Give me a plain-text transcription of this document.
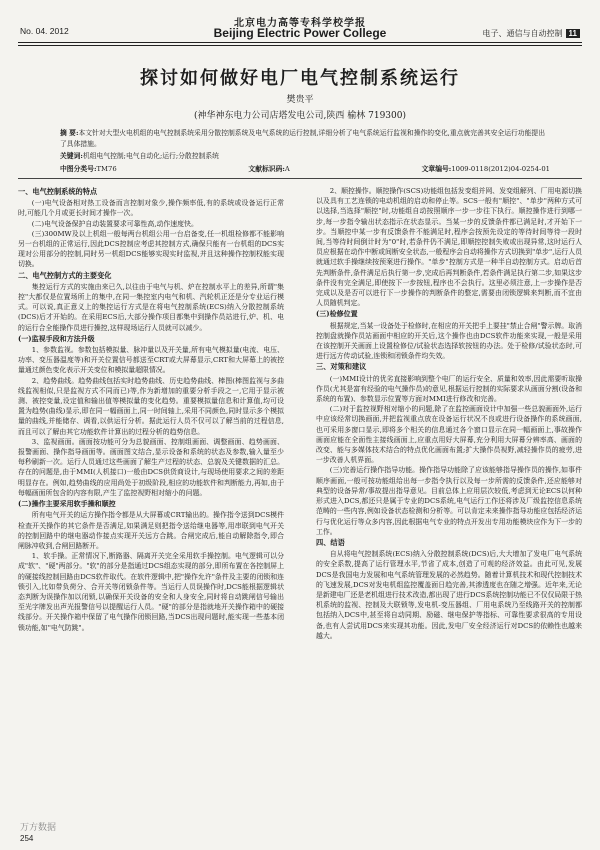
No. 04. 2012
北京电力高等专科学校学报
Beijing Electric Power College	电子、通信与自动控制 11
探讨如何做好电厂电气控制系统运行
樊贵平
(神华神东电力公司店塔发电公司,陕西 榆林 719300)
摘 要:本文针对大型火电机组的电气控制系统采用分散控制系统及电气系统的运行控制,详细分析了电气系统运行监视和操作的变化,重点就完善其安全运行功能提出了具体措施。
关键词:机组电气控制;电气自动化;运行;分散控制系统
中图分类号:TM76	文献标识码:A	文章编号:1009-0118(2012)04-0254-01
一、电气控制系统的特点

(一)电气设备相对热工设备而言控制对象少,操作频率低,有的系统或设备运行正常时,可能几个月或更长时间才操作一次。

(二)电气设备保护自动装置要求可靠性高,动作速度快。

(三)300MW及以上机组一般每两台机组公用一台启备变,任一机组检修都不能影响另一台机组的正常运行,因此DCS控制应考虑其控制方式,确保只能有一台机组的DCS实现对公用部分的控制,同时另一机组DCS能够实现实时监视,并且这种操作控制权能实现切换。

二、电气控制方式的主要变化

集控运行方式的实施由来已久,以往由于电气与机、炉在控制水平上的差异,所谓"集控"大都仅是位置场所上的集中,在同一集控室内电气和机、汽轮机正还是分专业运行模式。可以说,真正意义上的集控运行方式是在将电气控制系统(ECS)纳入分散控制系统(DCS)后才开始的。在采用ECS后,大部分操作项目都集中到操作员站进行,炉、机、电的运行合全能操作员进行操控,这样现场运行人员就可以减少。

(一)监视手段和方法升级

1、参数监视。参数包括模拟量、脉冲量以及开关量,所有电气模拟量(电流、电压、功率、变压器温度等)和开关位置信号都送至CRT或大屏幕显示,CRT和大屏幕上的被控量通过颜色变化表示开关变位和模拟量超限情况。

2、趋势曲线。趋势曲线包括实时趋势曲线、历史趋势曲线、棒图(棒图监视与多曲线监视相似,只是监视方式不同而已)等,作为新增加的重要分析手段之一,它用于显示被测、被控变量,设定值和输出值等模拟量的变化趋势。重要模拟量信息和计算值,均可设置为趋势(曲线)显示,即在同一幅画面上,同一时间轴上,采用不同颜色,同时显示多个模拟量的曲线,并能储存、调看,以供运行分析。据此运行人员不仅可以了解当前的过程信息,而且可以了解由其它功能软件计算出的过程分析的趋势信息。

3、监视画面。画面按功能可分为总貌画面、控制组画面、调整画面、趋势画面、报警画面、操作指导画面等。画面图文结合,显示设备和系统的状态及参数,输入量至少每秒刷新一次。运行人员通过这些画面了解生产过程的状态、总貌及关键数据的汇总。存在的问题是,由于MMI(人机接口)一般由DCS供货商设计,与现场使用要求之间的差距明显存在。例如,趋势曲线的应用尚处于初级阶段,相应的功能软件和判断能力,再如,由于每幅画面所包含的内容有限,产生了监控视野相对缩小的问题。

(二)操作主要采用软手操和顺控

所有电气开关的运方操作指令都是从大屏幕或CRT输出的。操作指令送到DCS模件检查开关操作的其它条件是否满足,如果满足则把指令送给继电器等,用串联到电气开关的控制回路中的继电器动作接点实现开关远方合跳。合闸完成后,能自动解除指令,即合闸脉冲收到,合闸回路断开。

1、软手操。正常情况下,断路器、隔离开关完全采用软手操控制。电气逻辑可以分成"软"、"硬"两部分。"软"的部分是指通过DCS组态实现的部分,即所布置在各控制屏上的硬接线控制回路由DCS软件取代。在软件逻辑中,把"操作允许"条件及主要的闭锁和连锁引入,比如带负荷分、合开关等闭锁条件等。当运行人员误操作时,DCS能根据逻辑状态判断为误操作加以闭锁,以确保开关设备的安全和人身安全,同时将自动跳闸信号输出至光字牌发出声光报警信号以提醒运行人员。"硬"的部分是指就地开关操作箱中的硬接线部分。开关操作箱中保留了电气操作闭锁回路,当DCS出现问题时,能实现一些基本闭锁功能,如"电气防跳"。

2、顺控操作。顺控操作(SCS)功能组包括发变组并网、发变组解列、厂用电源切换以及具有工艺连锁的电动机组的启动和停止等。SCS一般有"顺控"、"单步"两种方式可以选择,当选择"顺控"时,功能组自动按照顺序一步一步往下执行。顺控操作进行到哪一步,每一步指令输出状态指示在状态显示。当某一步的反馈条件都已满足时,才开始下一步。当顺控中某一步有反馈条件不能满足时,程序会按预先设定的等待时间等待一段时间,当等待时间倒计时为"0"时,若条件仍不满足,即顺控控制失败或出现异常,这时运行人员应根据在动作中断或间断安全状态,一般程序会自动将操作方式切换到"单步",运行人员就通过软手操继续按预案进行操作。"单步"控制方式是一种半自动控制方式。启动后首先判断条件,条件满足后执行第一步,完成后再判断条件,若条件满足执行第二步,如果这步条件没有完全满足,即使按下一步按钮,程序也不会执行。这里必须注意,上一步操作是否完成以及是否可以进行下一步操作的判断条件的整定,需要由闭锁逻辑来判断,而不宜由人员随机判定。

(三)检修位置

根据规定,当某一设备处于检修时,在相应的开关把手上要挂"禁止合闸"警示牌。取消控制盘就操作员站画面中相应的开关后,这个操作也由DCS软件功能来实现,一般是采用在该控制开关画面上设置检修位/试验状态选择软按钮的办法。处于检修/试验状态时,可进行远方传动试验,连锁和闭锁条件均失效。

三、对策和建议

(一)MMI设计的优劣直接影响到整个电厂的运行安全、质量和效率,因此需要听取操作员(尤其是富有经验的电气操作员)的意见,根据运行控制的实际要求从画面分割(设备和系统的布置)、参数显示位置等方面对MMI进行修改和完善。

(二)对于监控视野相对缩小的问题,除了在监控画面设计中加强一些总貌画面外,运行中应该经常切换画面,并把监视重点放在设备运行状况不良或进行设备操作的系统画面,也可采用多窗口显示,即将多个相关的信息通过各个窗口显示在同一幅画面上,事故操作画面应能在全面性主接线画面上,应重点用好大屏幕,充分利用大屏幕分辨率高、画面的改变、能与多媒体技术结合的特点优化画面布置;扩大操作员视野,减轻操作员的疲劳,进一步改善人机界面。

(三)完善运行操作指导功能。操作指导功能除了应该能够指导操作员的操作,如事件顺序画面,一般可按功能组给出每一步指令执行以及每一步所需的反馈条件,还应能够对典型的设备异常/事故提出指导意见。目前总体上应用层次较低,考虑到无论ECS以何种形式进入DCS,都还只是属于专业的DCS系统,电气运行工作还将涉及厂级监控信息系统范畴的一些内容,例如设备状态检测和分析等。可以肯定未来操作指导功能应包括经济运行与优化运行等众多内容,因此根据电气专业的特点开发出专用功能模块应作为下一步的工作。

四、结语

自从将电气控制系统(ECS)纳入分散控制系统(DCS)后,大大增加了发电厂电气系统的安全系数,提高了运行管理水平,节省了成本,创造了可观的经济效益。由此可见,发展DCS是我国电力发展和电气系统管理发展的必然趋势。随着计算机技术和现代控制技术的飞速发展,DCS对发电机组监控覆盖面日趋完善,其渗透度也在随之增强。近年来,无论是新建电厂还是老机组进行技术改造,都出现了进行DCS系统控制功能已不仅仅局限于热机系统的监视、控制及大联锁等,发电机-变压器组、厂用电系统乃至线路开关的控制都包括纳入DCS中,甚至将自动同期、励磁、继电保护等指标、可靠性要求很高的专用设备,也有人尝试用DCS来实现其功能。因此,发电厂安全经济运行对DCS的依赖性也越来越大。

万方数据
254
